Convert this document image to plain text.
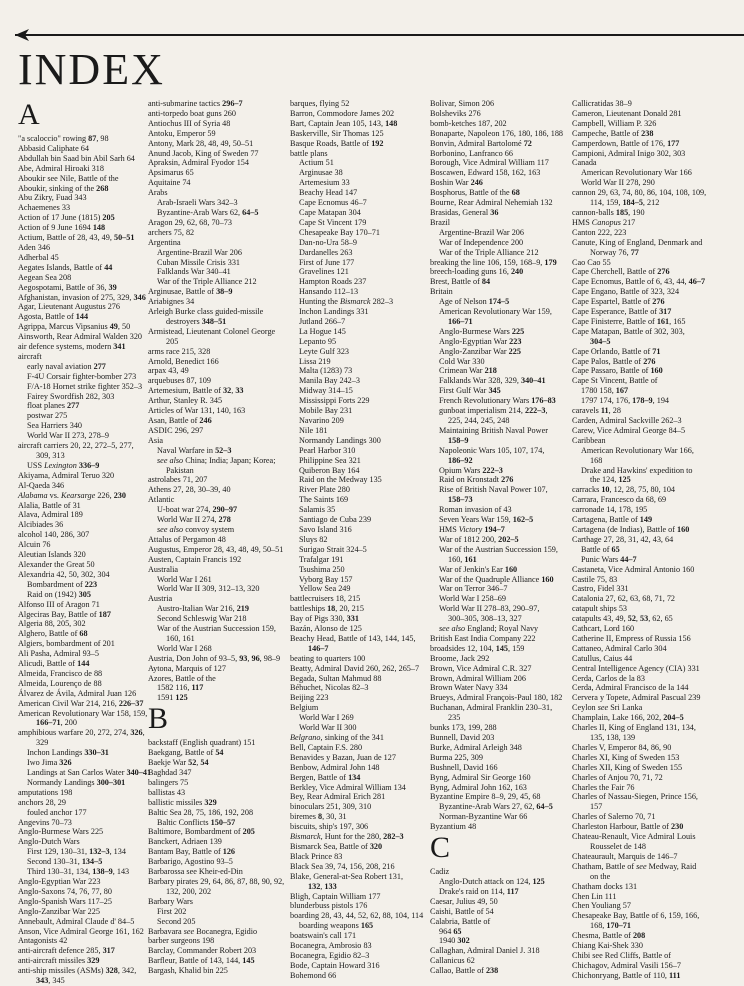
INDEX
A
"a scaloccio" rowing 87, 98
Abbasid Caliphate 64
Abdullah bin Saad bin Abil Sarh 64
Abe, Admiral Hiroaki 318
Aboukir see Nile, Battle of the
Aboukir, sinking of the 268
Abu Zikry, Fuad 343
Achaemenes 33
Action of 17 June (1815) 205
Action of 9 June 1694 148
Actium, Battle of 28, 43, 49, 50–51
Aden 346
Adherbal 45
Aegates Islands, Battle of 44
Aegean Sea 208
Aegospotami, Battle of 36, 39
Afghanistan, invasion of 275, 329, 346
Agar, Lieutenant Augustus 276
Agosta, Battle of 144
Agrippa, Marcus Vipsanius 49, 50
Ainsworth, Rear Admiral Walden 320
air defence systems, modern 341
aircraft
early naval aviation 277
F-4U Corsair fighter-bomber 273
F/A-18 Hornet strike fighter 352–3
Fairey Swordfish 282, 303
float planes 277
postwar 275
Sea Harriers 340
World War II 273, 278–9
aircraft carriers 20, 22, 272–5, 277,
309, 313
USS Lexington 336–9
Akiyama, Admiral Teruo 320
Al-Qaeda 346
Alabama vs. Kearsarge 226, 230
Alalia, Battle of 31
Alava, Admiral 189
Alcibiades 36
alcohol 140, 286, 307
Alcuin 76
Aleutian Islands 320
Alexander the Great 50
Alexandria 42, 50, 302, 304
Bombardment of 223
Raid on (1942) 305
Alfonso III of Aragon 71
Algeciras Bay, Battle of 187
Algeria 88, 205, 302
Alghero, Battle of 68
Algiers, bombardment of 201
Ali Pasha, Admiral 93–5
Alicudi, Battle of 144
Almeida, Francisco de 88
Almeida, Lourenço de 88
Álvarez de Ávila, Admiral Juan 126
American Civil War 214, 216, 226–37
American Revolutionary War 158, 159,
166–71, 200
amphibious warfare 20, 272, 274, 326,
329
Inchon Landings 330–31
Iwo Jima 326
Landings at San Carlos Water 340–41
Normandy Landings 300–301
amputations 198
anchors 28, 29
fouled anchor 177
Angevins 70–73
Anglo-Burmese Wars 225
Anglo-Dutch Wars
First 129, 130–31, 132–3, 134
Second 130–31, 134–5
Third 130–31, 134, 138–9, 143
Anglo-Egyptian War 223
Anglo-Saxons 74, 76, 77, 80
Anglo-Spanish Wars 117–25
Anglo-Zanzibar War 225
Annebault, Admiral Claude d' 84–5
Anson, Vice Admiral George 161, 162
Antagonists 42
anti-aircraft defence 285, 317
anti-aircraft missiles 329
anti-ship missiles (ASMs) 328, 342,
343, 345
anti-submarine tactics 296–7
anti-torpedo boat guns 260
Antiochus III of Syria 48
Antoku, Emperor 59
Antony, Mark 28, 48, 49, 50–51
Anund Jacob, King of Sweden 77
Apraksin, Admiral Fyodor 154
Apsimarus 65
Aquitaine 74
Arabs
Arab-Israeli Wars 342–3
Byzantine-Arab Wars 62, 64–5
Aragon 29, 62, 68, 70–73
archers 75, 82
Argentina
Argentine-Brazil War 206
Cuban Missile Crisis 331
Falklands War 340–41
War of the Triple Alliance 212
Arginusae, Battle of 38–9
Ariabignes 34
Arleigh Burke class guided-missile
destroyers 348–51
Armistead, Lieutenant Colonel George
205
arms race 215, 328
Arnold, Benedict 166
arpax 43, 49
arquebuses 87, 109
Artemesium, Battle of 32, 33
Arthur, Stanley R. 345
Articles of War 131, 140, 163
Asan, Battle of 246
ASDIC 296, 297
Asia
Naval Warfare in 52–3
see also China; India; Japan; Korea;
Pakistan
astrolabes 71, 207
Athens 27, 28, 30–39, 40
Atlantic
U-boat war 274, 290–97
World War II 274, 278
see also convoy system
Attalus of Pergamon 48
Augustus, Emperor 28, 43, 48, 49, 50–51
Austen, Captain Francis 192
Australia
World War I 261
World War II 309, 312–13, 320
Austria
Austro-Italian War 216, 219
Second Schleswig War 218
War of the Austrian Succession 159,
160, 161
World War I 268
Austria, Don John of 93–5, 93, 96, 98–9
Aytona, Marquis of 127
Azores, Battle of the
1582 116, 117
1591 125
B
backstaff (English quadrant) 151
Baekgang, Battle of 54
Baekje War 52, 54
Baghdad 347
balingers 75
ballistas 43
ballistic missiles 329
Baltic Sea 28, 75, 186, 192, 208
Baltic Conflicts 150–57
Baltimore, Bombardment of 205
Banckert, Adriaen 139
Bantam Bay, Battle of 126
Barbarigo, Agostino 93–5
Barbarossa see Kheir-ed-Din
Barbary pirates 29, 64, 86, 87, 88, 90, 92,
132, 200, 202
Barbary Wars
First 202
Second 205
Barbavara see Bocanegra, Egidio
barber surgeons 198
Barclay, Commander Robert 203
Barfleur, Battle of 143, 144, 145
Bargash, Khalid bin 225
barques, flying 52
Barron, Commodore James 202
Bart, Captain Jean 105, 143, 148
Baskerville, Sir Thomas 125
Basque Roads, Battle of 192
battle plans
Actium 51
Arginusae 38
Artemesium 33
Beachy Head 147
Cape Ecnomus 46–7
Cape Matapan 304
Cape St Vincent 179
Chesapeake Bay 170–71
Dan-no-Ura 58–9
Dardanelles 263
First of June 177
Gravelines 121
Hampton Roads 237
Hansando 112–13
Hunting the Bismarck 282–3
Inchon Landings 331
Jutland 266–7
La Hogue 145
Lepanto 95
Leyte Gulf 323
Lissa 219
Malta (1283) 73
Manila Bay 242–3
Midway 314–15
Mississippi Forts 229
Mobile Bay 231
Navarino 209
Nile 181
Normandy Landings 300
Pearl Harbor 310
Philippine Sea 321
Quiberon Bay 164
Raid on the Medway 135
River Plate 280
The Saints 169
Salamis 35
Santiago de Cuba 239
Savo Island 316
Sluys 82
Surigao Strait 324–5
Trafalgar 191
Tsushima 250
Vyborg Bay 157
Yellow Sea 249
battlecruisers 18, 215
battleships 18, 20, 215
Bay of Pigs 330, 331
Bazán, Alonso de 125
Beachy Head, Battle of 143, 144, 145,
146–7
beating to quarters 100
Beatty, Admiral David 260, 262, 265–7
Begada, Sultan Mahmud 88
Béhuchet, Nicolas 82–3
Beijing 223
Belgium
World War I 269
World War II 300
Belgrano, sinking of the 341
Bell, Captain F.S. 280
Benavides y Bazan, Juan de 127
Benbow, Admiral John 148
Bergen, Battle of 134
Berkley, Vice Admiral William 134
Bey, Rear Admiral Erich 281
binoculars 251, 309, 310
biremes 8, 30, 31
biscuits, ship's 197, 306
Bismarck, Hunt for the 280, 282–3
Bismarck Sea, Battle of 320
Black Prince 83
Black Sea 39, 74, 156, 208, 216
Blake, General-at-Sea Robert 131,
132, 133
Bligh, Captain William 177
blunderbuss pistols 176
boarding 28, 43, 44, 52, 62, 88, 104, 114
boarding weapons 165
boatswain's call 171
Bocanegra, Ambrosio 83
Bocanegra, Egidio 82–3
Bode, Captain Howard 316
Bohemond 66
Bolivar, Simon 206
Bolsheviks 276
bomb-ketches 187, 202
Bonaparte, Napoleon 176, 180, 186, 188
Bonvin, Admiral Bartolomé 72
Borbonino, Lanfranco 66
Borough, Vice Admiral William 117
Boscawen, Edward 158, 162, 163
Boshin War 246
Bosphorus, Battle of the 68
Bourne, Rear Admiral Nehemiah 132
Brasidas, General 36
Brazil
Argentine-Brazil War 206
War of Independence 200
War of the Triple Alliance 212
breaking the line 106, 159, 168–9, 179
breech-loading guns 16, 240
Brest, Battle of 84
Britain
Age of Nelson 174–5
American Revolutionary War 159,
166–71
Anglo-Burmese Wars 225
Anglo-Egyptian War 223
Anglo-Zanzibar War 225
Cold War 330
Crimean War 218
Falklands War 328, 329, 340–41
First Gulf War 345
French Revolutionary Wars 176–83
gunboat imperialism 214, 222–3,
225, 244, 245, 248
Maintaining British Naval Power
158–9
Napoleonic Wars 105, 107, 174,
186–92
Opium Wars 222–3
Raid on Kronstadt 276
Rise of British Naval Power 107,
158–73
Roman invasion of 43
Seven Years War 159, 162–5
HMS Victory 194–7
War of 1812 200, 202–5
War of the Austrian Succession 159,
160, 161
War of Jenkin's Ear 160
War of the Quadruple Alliance 160
War on Terror 346–7
World War I 258–69
World War II 278–83, 290–97,
300–305, 308–13, 327
see also England; Royal Navy
British East India Company 222
broadsides 12, 104, 145, 159
Broome, Jack 292
Brown, Vice Admiral C.R. 327
Brown, Admiral William 206
Brown Water Navy 334
Brueys, Admiral François-Paul 180, 182
Buchanan, Admiral Franklin 230–31,
235
bunks 173, 199, 288
Bunnell, David 203
Burke, Admiral Arleigh 348
Burma 225, 309
Bushnell, David 166
Byng, Admiral Sir George 160
Byng, Admiral John 162, 163
Byzantine Empire 8–9, 29, 45, 68
Byzantine-Arab Wars 27, 62, 64–5
Norman-Byzantine War 66
Byzantium 48
C
Cadiz
Anglo-Dutch attack on 124, 125
Drake's raid on 114, 117
Caesar, Julius 49, 50
Caishi, Battle of 54
Calabria, Battle of
964 65
1940 302
Callaghan, Admiral Daniel J. 318
Callanicus 62
Callao, Battle of 238
Callicratidas 38–9
Cameron, Lieutenant Donald 281
Campbell, William P. 326
Campeche, Battle of 238
Camperdown, Battle of 176, 177
Campioni, Admiral Inigo 302, 303
Canada
American Revolutionary War 166
World War II 278, 290
cannon 29, 63, 74, 80, 86, 104, 108, 109,
114, 159, 184–5, 212
cannon-balls 185, 190
HMS Canopus 217
Canton 222, 223
Canute, King of England, Denmark and
Norway 76, 77
Cao Cao 55
Cape Cherchell, Battle of 276
Cape Ecnomus, Battle of 6, 43, 44, 46–7
Cape Engano, Battle of 323, 324
Cape Espartel, Battle of 276
Cape Esperance, Battle of 317
Cape Finisterre, Battle of 161, 165
Cape Matapan, Battle of 302, 303,
304–5
Cape Orlando, Battle of 71
Cape Palos, Battle of 276
Cape Passaro, Battle of 160
Cape St Vincent, Battle of
1780 158, 167
1797 174, 176, 178–9, 194
caravels 11, 28
Carden, Admiral Sackville 262–3
Carew, Vice Admiral George 84–5
Caribbean
American Revolutionary War 166,
168
Drake and Hawkins' expedition to
the 124, 125
carracks 10, 12, 28, 75, 80, 104
Carrara, Francesco da 68, 69
carronade 14, 178, 195
Cartagena, Battle of 149
Cartagena (de Indias), Battle of 160
Carthage 27, 28, 31, 42, 43, 64
Battle of 65
Punic Wars 44–7
Castaneta, Vice Admiral Antonio 160
Castile 75, 83
Castro, Fidel 331
Catalonia 27, 62, 63, 68, 71, 72
catapult ships 53
catapults 43, 49, 52, 53, 62, 65
Cathcart, Lord 160
Catherine II, Empress of Russia 156
Cattaneo, Admiral Carlo 304
Catullus, Caius 44
Central Intelligence Agency (CIA) 331
Cerda, Carlos de la 83
Cerda, Admiral Francisco de la 144
Cervera y Topete, Admiral Pascual 239
Ceylon see Sri Lanka
Champlain, Lake 166, 202, 204–5
Charles II, King of England 131, 134,
135, 138, 139
Charles V, Emperor 84, 86, 90
Charles XI, King of Sweden 153
Charles XII, King of Sweden 155
Charles of Anjou 70, 71, 72
Charles the Fair 76
Charles of Nassau-Siegen, Prince 156,
157
Charles of Salerno 70, 71
Charleston Harbour, Battle of 230
Chateau-Renault, Vice Admiral Louis
Rousselet de 148
Chateaurault, Marquis de 146–7
Chatham, Battle of see Medway, Raid
on the
Chatham docks 131
Chen Lin 111
Chen Youliang 57
Chesapeake Bay, Battle of 6, 159, 166,
168, 170–71
Chesma, Battle of 208
Chiang Kai-Shek 330
Chibi see Red Cliffs, Battle of
Chichagov, Admiral Vasili 156–7
Chichonryang, Battle of 110, 111
